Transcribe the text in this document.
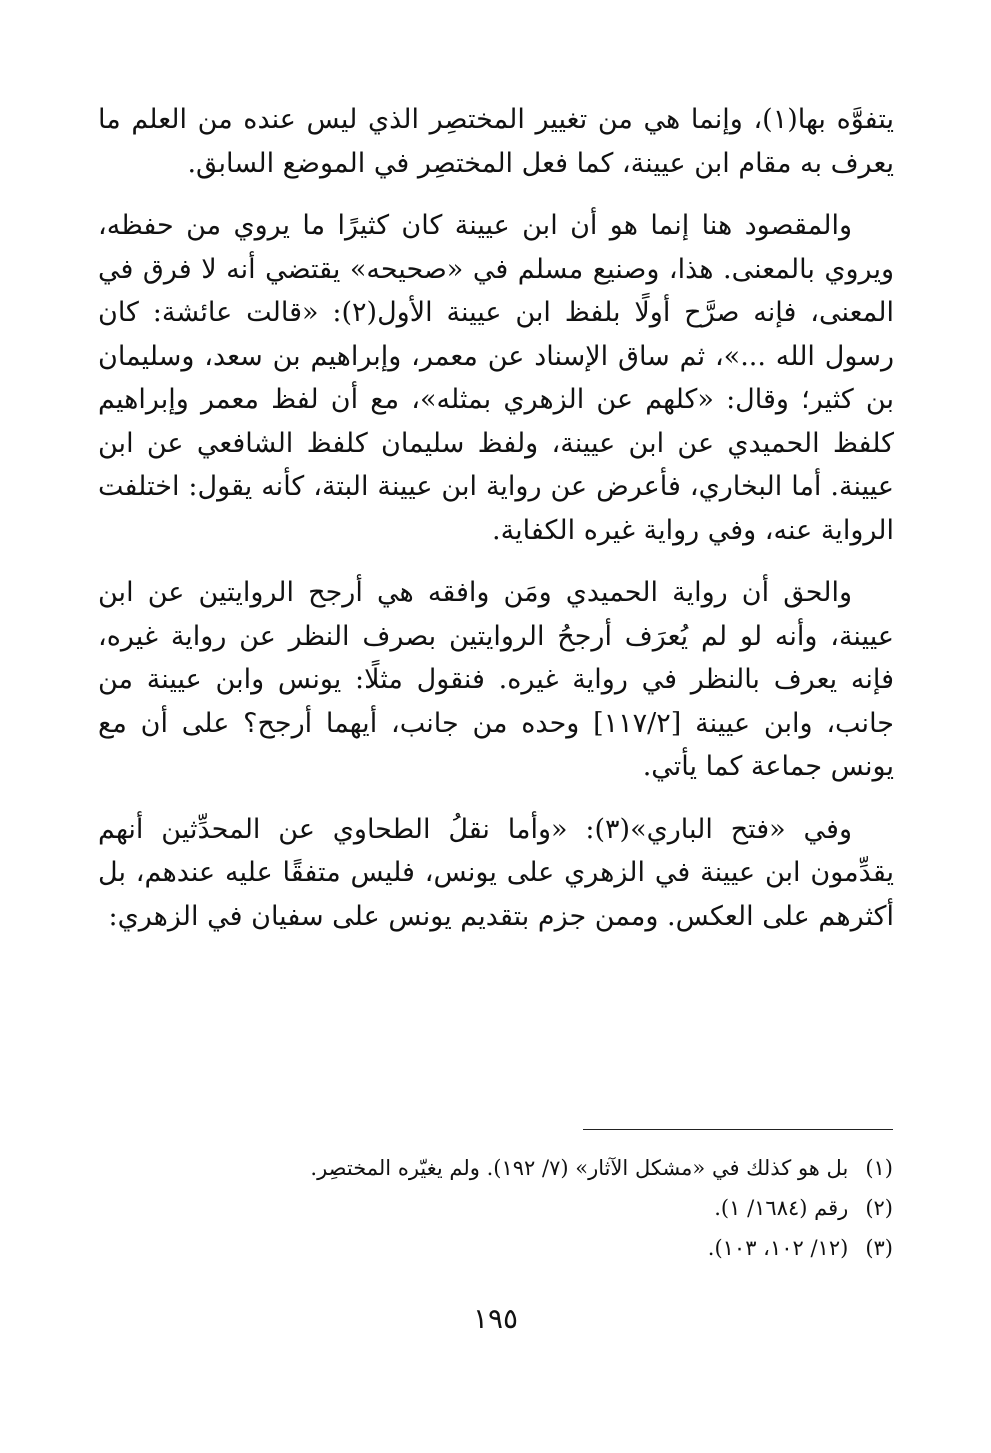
يتفوَّه بها(١)، وإنما هي من تغيير المختصِر الذي ليس عنده من العلم ما يعرف به مقام ابن عيينة، كما فعل المختصِر في الموضع السابق.

والمقصود هنا إنما هو أن ابن عيينة كان كثيرًا ما يروي من حفظه، ويروي بالمعنى. هذا، وصنيع مسلم في «صحيحه» يقتضي أنه لا فرق في المعنى، فإنه صرَّح أولًا بلفظ ابن عيينة الأول(٢): «قالت عائشة: كان رسول الله ...»، ثم ساق الإسناد عن معمر، وإبراهيم بن سعد، وسليمان بن كثير؛ وقال: «كلهم عن الزهري بمثله»، مع أن لفظ معمر وإبراهيم كلفظ الحميدي عن ابن عيينة، ولفظ سليمان كلفظ الشافعي عن ابن عيينة. أما البخاري، فأعرض عن رواية ابن عيينة البتة، كأنه يقول: اختلفت الرواية عنه، وفي رواية غيره الكفاية.

والحق أن رواية الحميدي ومَن وافقه هي أرجح الروايتين عن ابن عيينة، وأنه لو لم يُعرَف أرجحُ الروايتين بصرف النظر عن رواية غيره، فإنه يعرف بالنظر في رواية غيره. فنقول مثلًا: يونس وابن عيينة من جانب، وابن عيينة [١١٧/٢] وحده من جانب، أيهما أرجح؟ على أن مع يونس جماعة كما يأتي.

وفي «فتح الباري»(٣): «وأما نقلُ الطحاوي عن المحدِّثين أنهم يقدِّمون ابن عيينة في الزهري على يونس، فليس متفقًا عليه عندهم، بل أكثرهم على العكس. وممن جزم بتقديم يونس على سفيان في الزهري:

(١) بل هو كذلك في «مشكل الآثار» (٧/ ١٩٢). ولم يغيّره المختصِر.
(٢) رقم (١٦٨٤/ ١).
(٣) (١٢/ ١٠٢، ١٠٣).
١٩٥
